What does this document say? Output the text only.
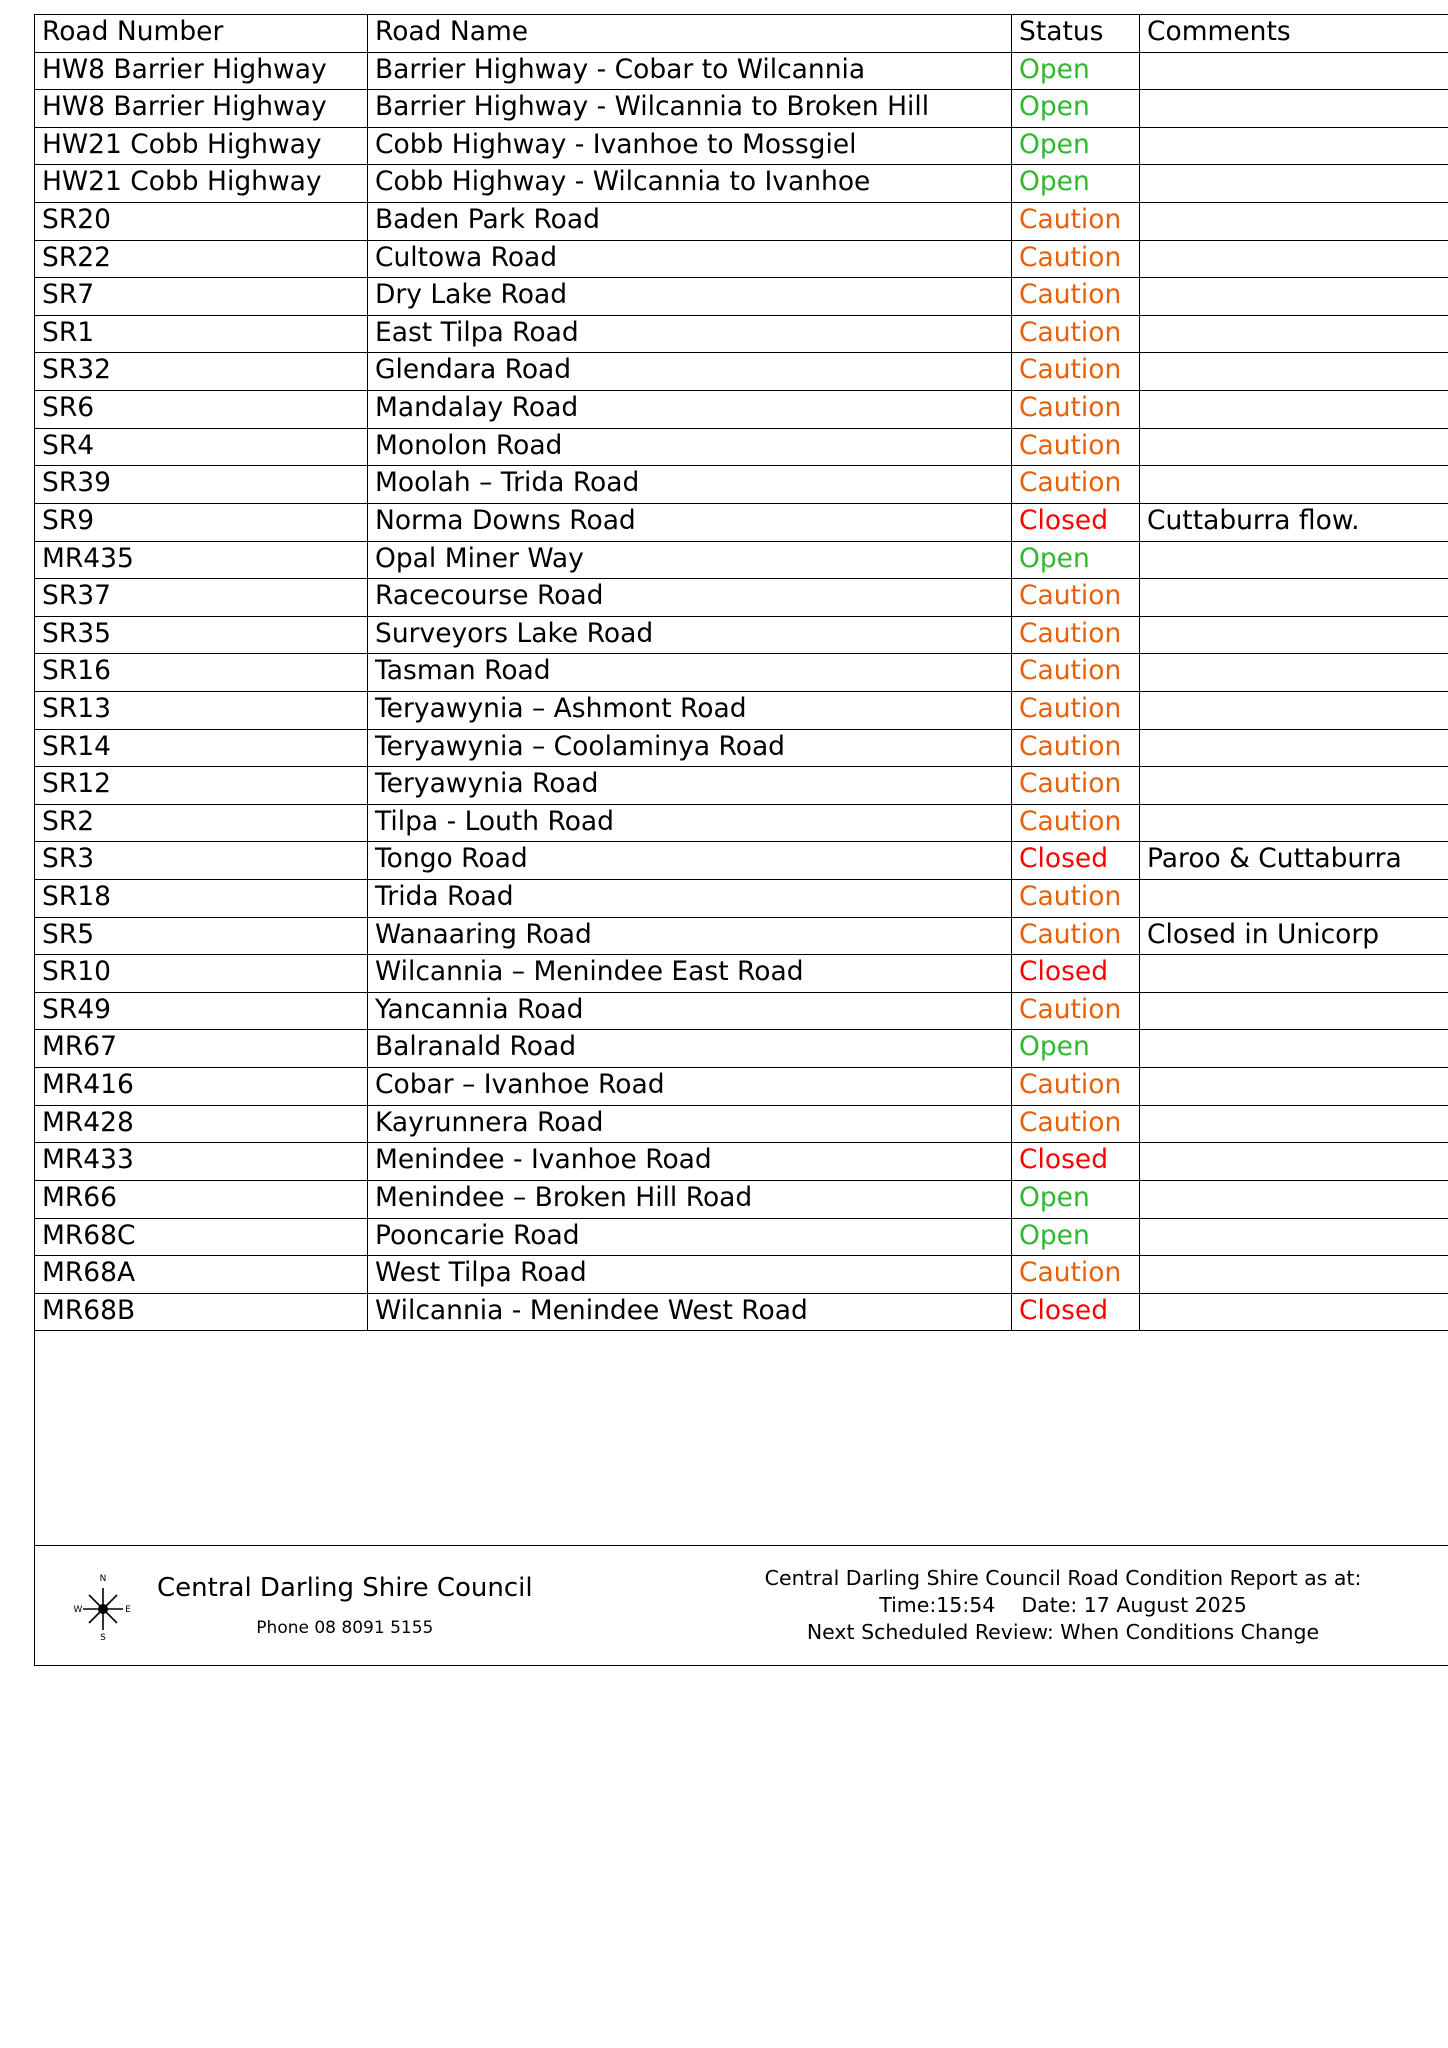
Road Number	Road Name	Status	Comments
HW8 Barrier Highway	Barrier Highway - Cobar to Wilcannia	Open	
HW8 Barrier Highway	Barrier Highway - Wilcannia to Broken Hill	Open	
HW21 Cobb Highway	Cobb Highway - Ivanhoe to Mossgiel	Open	
HW21 Cobb Highway	Cobb Highway - Wilcannia to Ivanhoe	Open	
SR20	Baden Park Road	Caution	
SR22	Cultowa Road	Caution	
SR7	Dry Lake Road	Caution	
SR1	East Tilpa Road	Caution	
SR32	Glendara Road	Caution	
SR6	Mandalay Road	Caution	
SR4	Monolon Road	Caution	
SR39	Moolah – Trida Road	Caution	
SR9	Norma Downs Road	Closed	Cuttaburra flow.
MR435	Opal Miner Way	Open	
SR37	Racecourse Road	Caution	
SR35	Surveyors Lake Road	Caution	
SR16	Tasman Road	Caution	
SR13	Teryawynia – Ashmont Road	Caution	
SR14	Teryawynia – Coolaminya Road	Caution	
SR12	Teryawynia Road	Caution	
SR2	Tilpa - Louth Road	Caution	
SR3	Tongo Road	Closed	Paroo & Cuttaburra
SR18	Trida Road	Caution	
SR5	Wanaaring Road	Caution	Closed in Unicorp
SR10	Wilcannia – Menindee East Road	Closed	
SR49	Yancannia Road	Caution	
MR67	Balranald Road	Open	
MR416	Cobar – Ivanhoe Road	Caution	
MR428	Kayrunnera Road	Caution	
MR433	Menindee - Ivanhoe Road	Closed	
MR66	Menindee – Broken Hill Road	Open	
MR68C	Pooncarie Road	Open	
MR68A	West Tilpa Road	Caution	
MR68B	Wilcannia - Menindee West Road	Closed	
N
S
E
W
Central Darling Shire Council
Phone 08 8091 5155
Central Darling Shire Council Road Condition Report as at:
Time:15:54 Date: 17 August 2025
Next Scheduled Review: When Conditions Change
